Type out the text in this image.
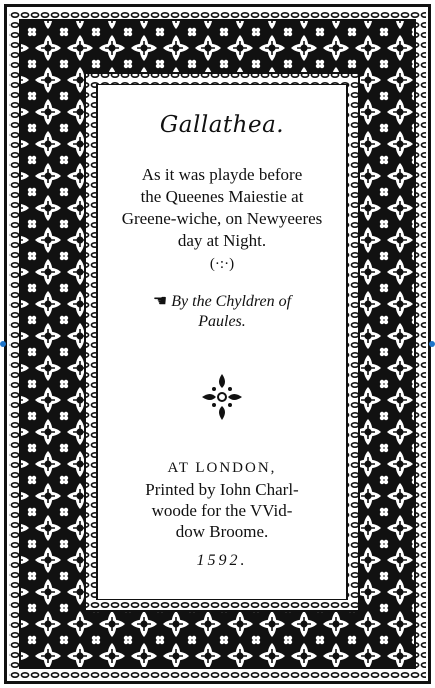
Gallathea.
As it was playde before
the Queenes Maiestie at
Greene-wiche, on Newyeeres
day at Night.
(·:·)
☚ By the Chyldren of
Paules.
AT LONDON,
Printed by Iohn Charl-
woode for the VVid-
dow Broome.
1592.
